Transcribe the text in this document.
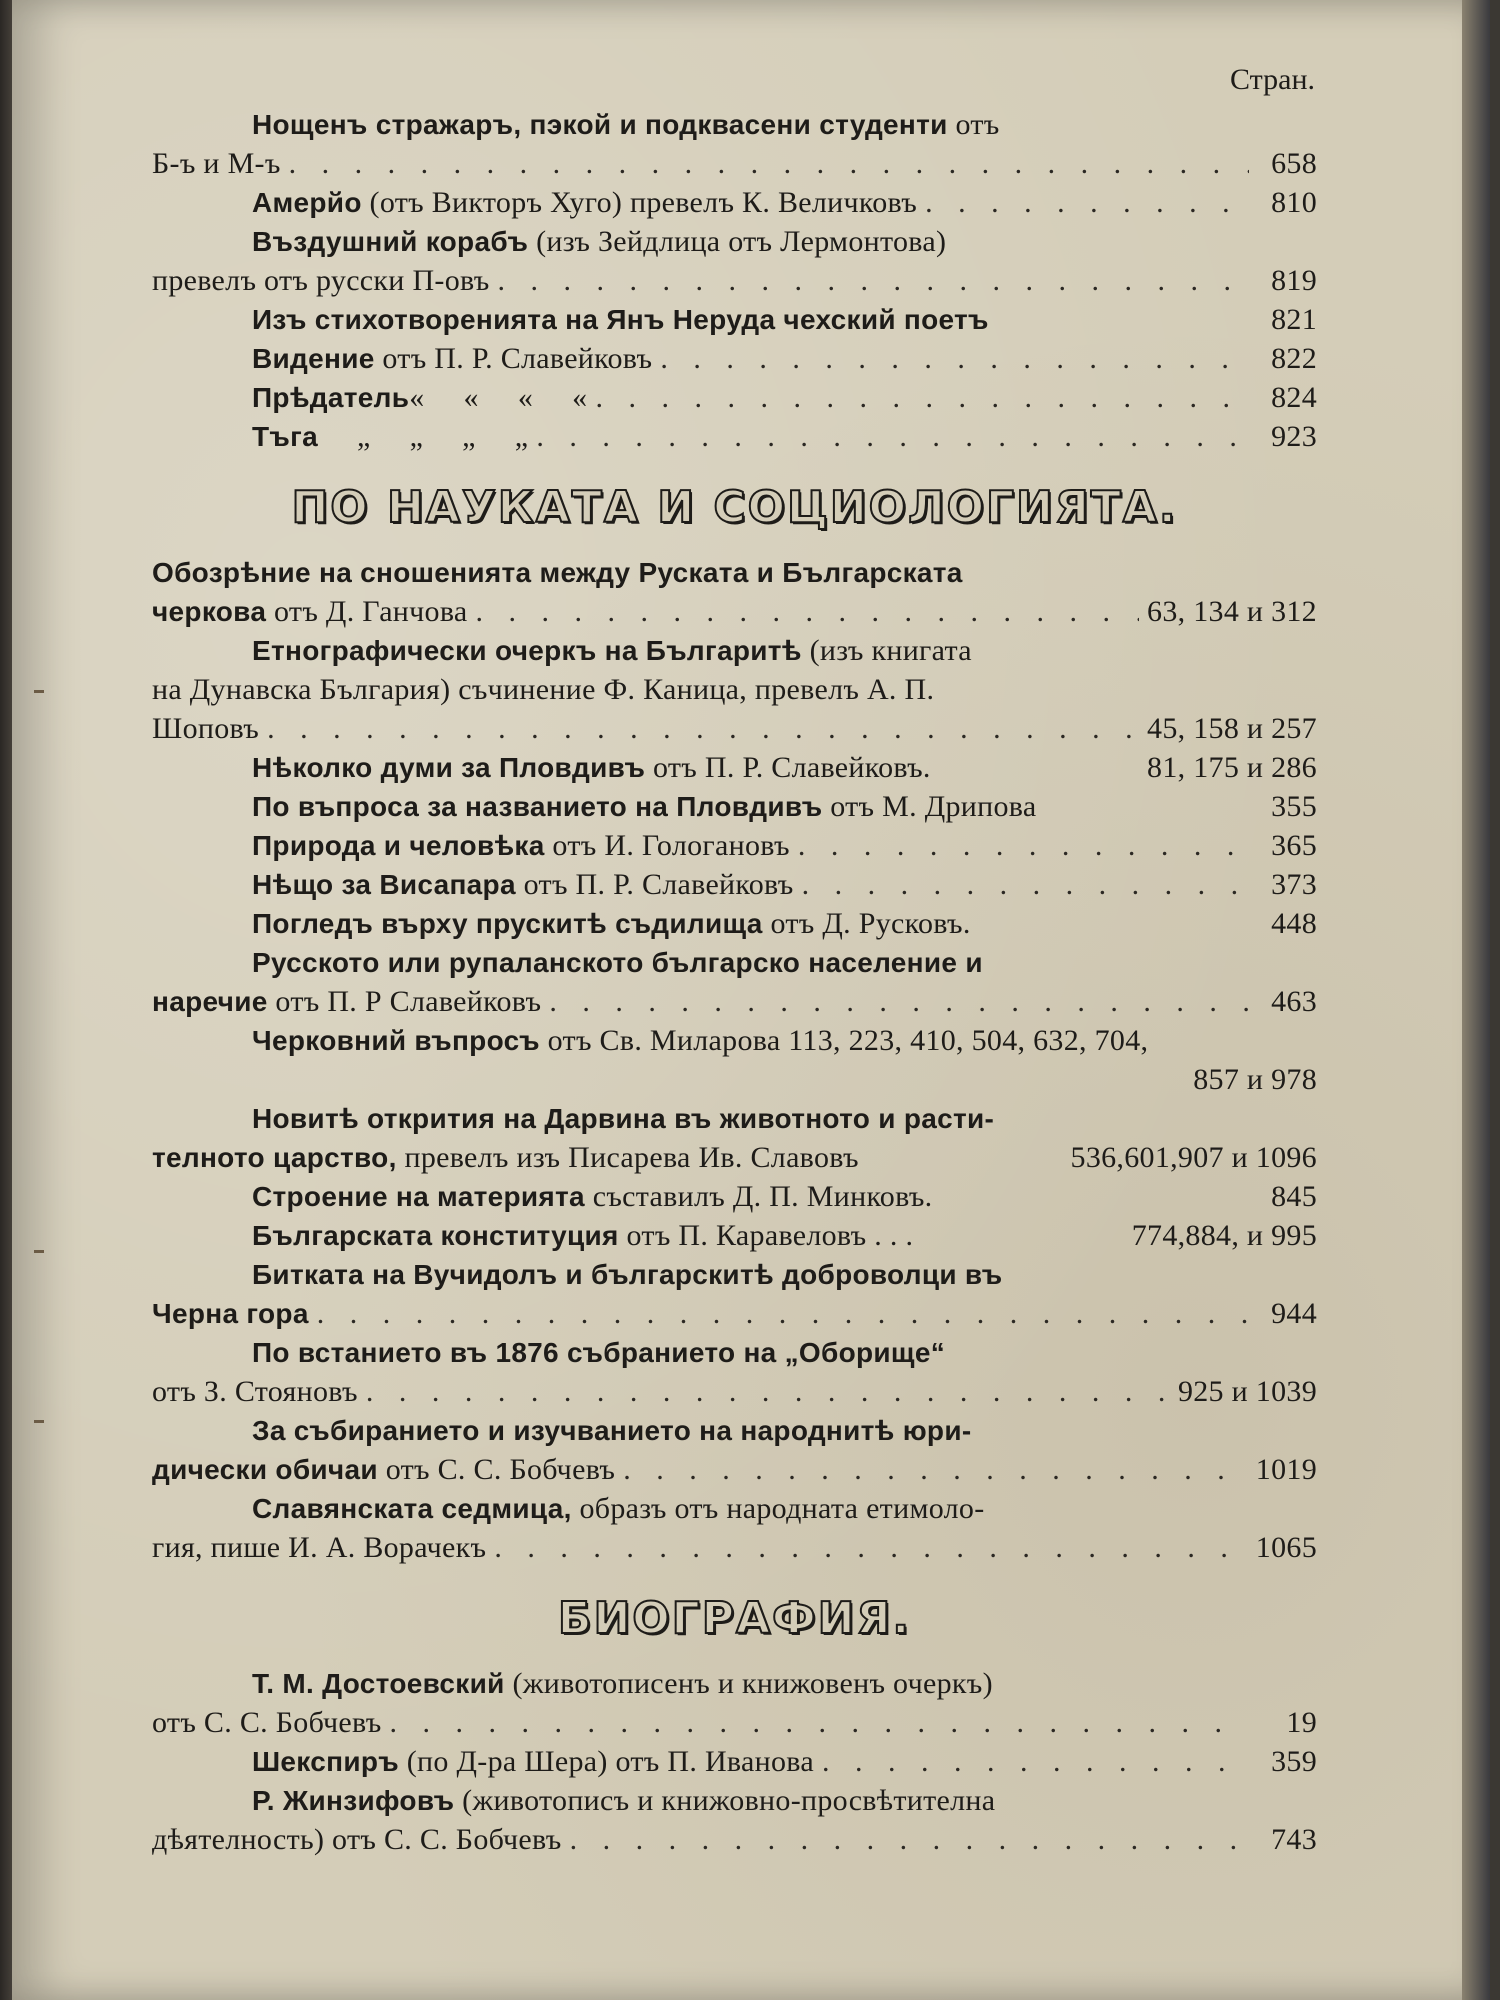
Стран.
Нощенъ стражаръ, пэкой и подквасени студенти отъ
Б-ъ и М-ъ . . .	658
Амерйо (отъ Викторъ Хуго) превелъ К. Величковъ . . .	810
Въздушний корабъ (изъ Зейдлица отъ Лермонтова)
превелъ отъ русски П-овъ . . .	819
Изъ стихотворенията на Янъ Неруда чехский поетъ	821
Видение отъ П. Р. Славейковъ . . .	822
Прѣдатель «     «     «     « . . .	824
Тъга „     „     „     „ . . .	923
ПО НАУКАТА И СОЦИОЛОГИЯТА.
Обозрѣние на сношенията между Руската и Българската
черкова отъ Д. Ганчова . . .	63, 134 и 312
Етнографически очеркъ на Българитѣ (изъ книгата
на Дунавска България) съчинение Ф. Каница, превелъ А. П.
Шоповъ . . .	45, 158 и 257
Нѣколко думи за Пловдивъ отъ П. Р. Славейковъ.	81, 175 и 286
По въпроса за названието на Пловдивъ отъ М. Дрипова	355
Природа и человѣка отъ И. Гологановъ . . .	365
Нѣщо за Висапара отъ П. Р. Славейковъ . . .	373
Погледъ върху прускитѣ съдилища отъ Д. Русковъ.	448
Русското или рупаланското българско население и
наречие отъ П. Р Славейковъ . . .	463
Черковний въпросъ отъ Св. Миларова 113, 223, 410, 504, 632, 704,
857 и 978
Новитѣ открития на Дарвина въ животното и расти-
телното царство, превелъ изъ Писарева Ив. Славовъ	536,601,907 и 1096
Строение на материята съставилъ Д. П. Минковъ.	845
Българската конституция отъ П. Каравеловъ . . .	774,884, и 995
Битката на Вучидолъ и българскитѣ доброволци въ
Черна гора . . .	944
По встанието въ 1876 събранието на „Оборище“
отъ З. Стояновъ . . .	925 и 1039
За събиранието и изучванието на народнитѣ юри-
дически обичаи отъ С. С. Бобчевъ . . .	1019
Славянската седмица, образъ отъ народната етимоло-
гия, пише И. А. Ворачекъ . . .	1065
БИОГРАФИЯ.
Т. М. Достоевский (животописенъ и книжовенъ очеркъ)
отъ С. С. Бобчевъ . . .	19
Шекспиръ (по Д-ра Шера) отъ П. Иванова . . .	359
Р. Жинзифовъ (животописъ и книжовно-просвѣтителна
дѣятелность) отъ С. С. Бобчевъ . . .	743
